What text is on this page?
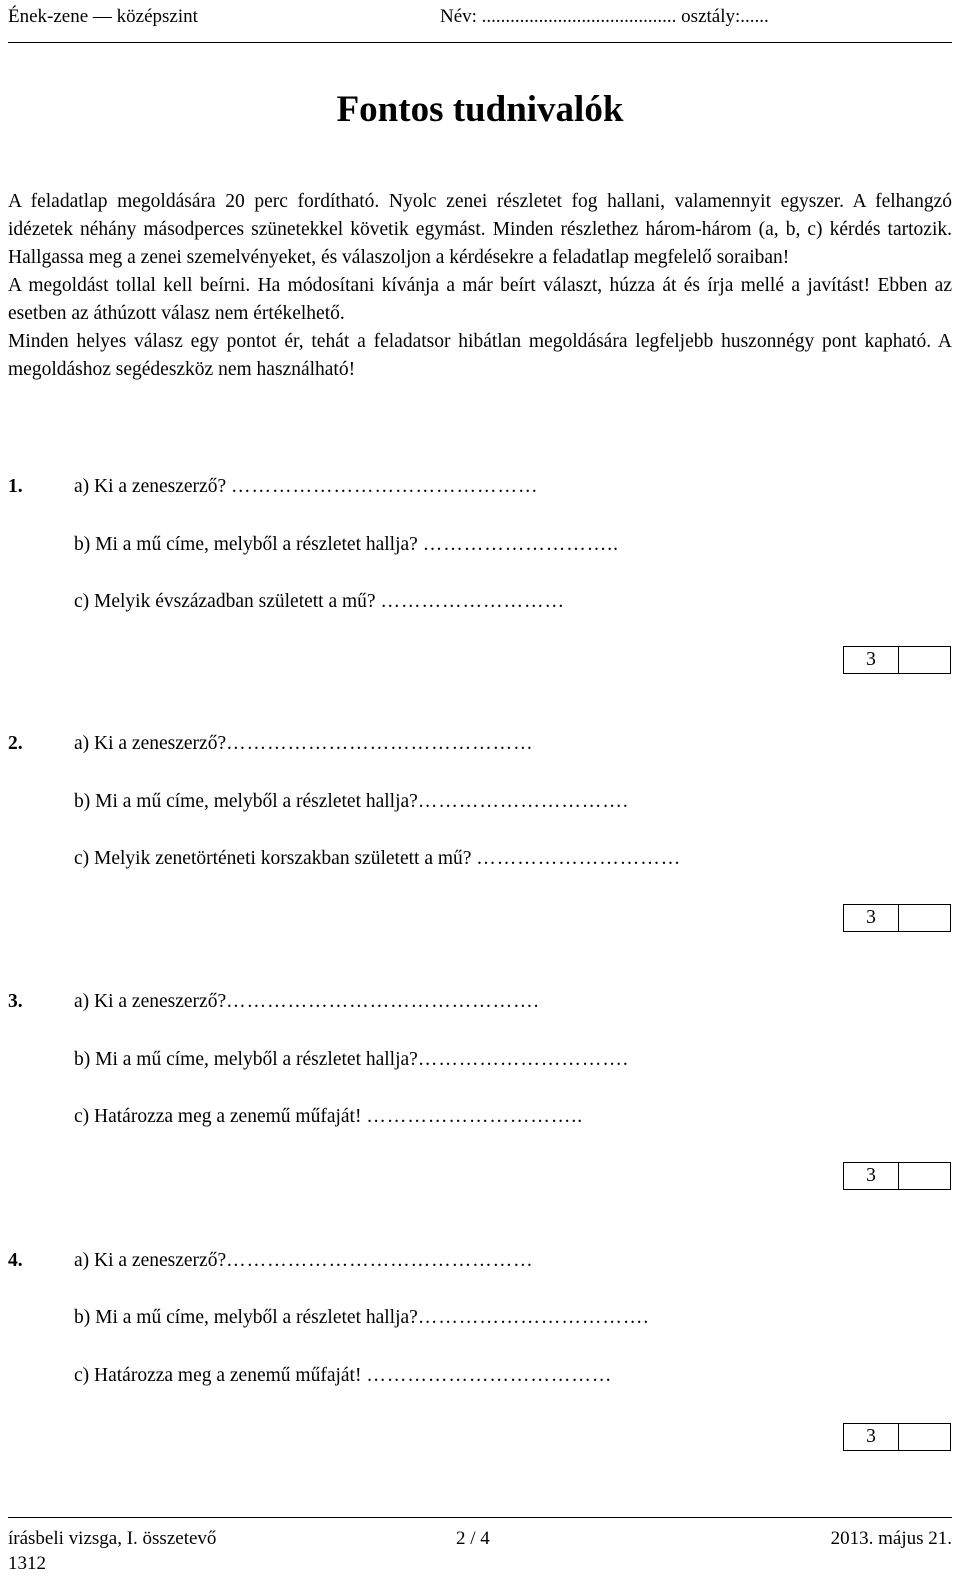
Ének-zene — középszint	Név: ......................................... osztály:......
Fontos tudnivalók

A feladatlap megoldására 20 perc fordítható. Nyolc zenei részletet fog hallani, valamennyit egyszer. A felhangzó idézetek néhány másodperces szünetekkel követik egymást. Minden részlethez három-három (a, b, c) kérdés tartozik. Hallgassa meg a zenei szemelvényeket, és válaszoljon a kérdésekre a feladatlap megfelelő soraiban!

A megoldást tollal kell beírni. Ha módosítani kívánja a már beírt választ, húzza át és írja mellé a javítást! Ebben az esetben az áthúzott válasz nem értékelhető.

Minden helyes válasz egy pontot ér, tehát a feladatsor hibátlan megoldására legfeljebb huszonnégy pont kapható. A megoldáshoz segédeszköz nem használható!

1.	a) Ki a zeneszerző? ………………………………………
b) Mi a mű címe, melyből a részletet hallja? ………………………..
c) Melyik évszázadban született a mű? ………………………
3
2.	a) Ki a zeneszerző?………………………………………
b) Mi a mű címe, melyből a részletet hallja?………………………….
c) Melyik zenetörténeti korszakban született a mű? …………………………
3
3.	a) Ki a zeneszerző?……………………………………….
b) Mi a mű címe, melyből a részletet hallja?………………………….
c) Határozza meg a zenemű műfaját! …………………………..
3
4.	a) Ki a zeneszerző?………………………………………
b) Mi a mű címe, melyből a részletet hallja?…………………………….
c) Határozza meg a zenemű műfaját! ………………………………
3
írásbeli vizsga, I. összetevő
1312
2 / 4	2013. május 21.
